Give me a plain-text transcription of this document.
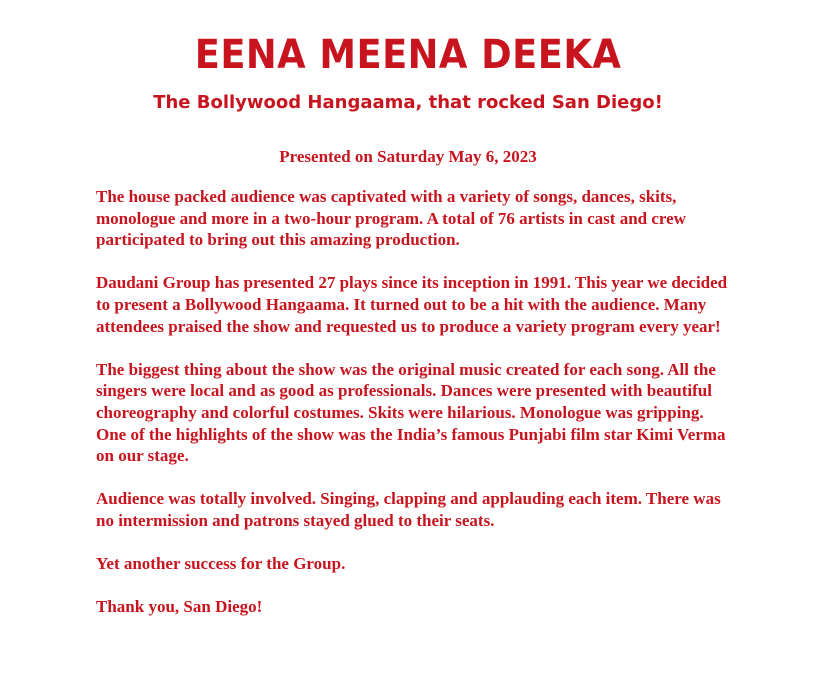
EENA MEENA DEEKA
The Bollywood Hangaama, that rocked San Diego!
Presented on Saturday May 6, 2023

The house packed audience was captivated with a variety of songs, dances, skits, monologue and more in a two-hour program. A total of 76 artists in cast and crew participated to bring out this amazing production.

Daudani Group has presented 27 plays since its inception in 1991. This year we decided to present a Bollywood Hangaama. It turned out to be a hit with the audience. Many attendees praised the show and requested us to produce a variety program every year!

The biggest thing about the show was the original music created for each song. All the singers were local and as good as professionals. Dances were presented with beautiful choreography and colorful costumes. Skits were hilarious. Monologue was gripping. One of the highlights of the show was the India’s famous Punjabi film star Kimi Verma on our stage.

Audience was totally involved. Singing, clapping and applauding each item. There was no intermission and patrons stayed glued to their seats.

Yet another success for the Group.

Thank you, San Diego!
